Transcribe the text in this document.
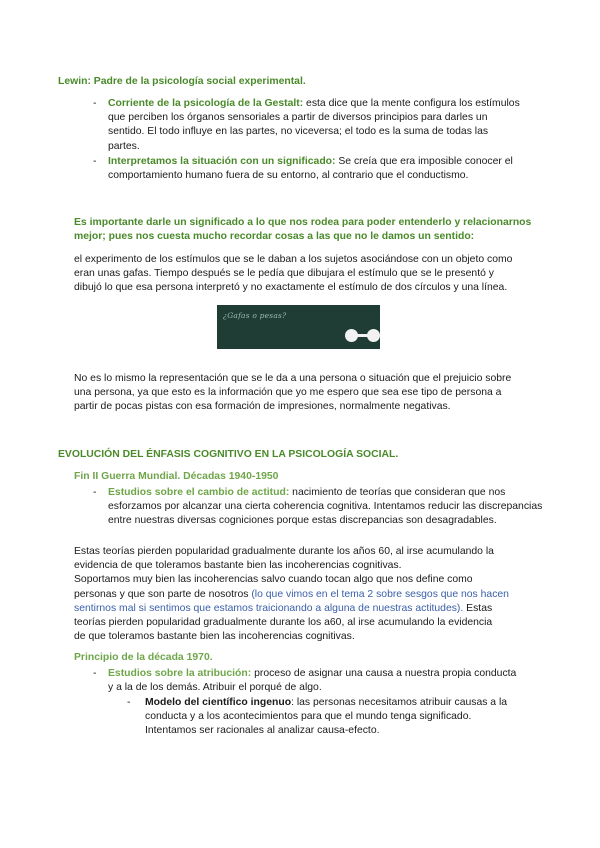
Lewin: Padre de la psicología social experimental.

- Corriente de la psicología de la Gestalt: esta dice que la mente configura los estímulos

que perciben los órganos sensoriales a partir de diversos principios para darles un

sentido. El todo influye en las partes, no viceversa; el todo es la suma de todas las

partes.

- Interpretamos la situación con un significado: Se creía que era imposible conocer el

comportamiento humano fuera de su entorno, al contrario que el conductismo.

Es importante darle un significado a lo que nos rodea para poder entenderlo y relacionarnos

mejor; pues nos cuesta mucho recordar cosas a las que no le damos un sentido:

el experimento de los estímulos que se le daban a los sujetos asociándose con un objeto como

eran unas gafas. Tiempo después se le pedía que dibujara el estímulo que se le presentó y

dibujó lo que esa persona interpretó y no exactamente el estímulo de dos círculos y una línea.

¿Gafas o pesas?

No es lo mismo la representación que se le da a una persona o situación que el prejuicio sobre

una persona, ya que esto es la información que yo me espero que sea ese tipo de persona a

partir de pocas pistas con esa formación de impresiones, normalmente negativas.

EVOLUCIÓN DEL ÉNFASIS COGNITIVO EN LA PSICOLOGÍA SOCIAL.

Fin II Guerra Mundial. Décadas 1940-1950

- Estudios sobre el cambio de actitud: nacimiento de teorías que consideran que nos

esforzamos por alcanzar una cierta coherencia cognitiva. Intentamos reducir las discrepancias

entre nuestras diversas cogniciones porque estas discrepancias son desagradables.

Estas teorías pierden popularidad gradualmente durante los años 60, al irse acumulando la

evidencia de que toleramos bastante bien las incoherencias cognitivas.

Soportamos muy bien las incoherencias salvo cuando tocan algo que nos define como

personas y que son parte de nosotros (lo que vimos en el tema 2 sobre sesgos que nos hacen

sentirnos mal si sentimos que estamos traicionando a alguna de nuestras actitudes). Estas

teorías pierden popularidad gradualmente durante los a60, al irse acumulando la evidencia

de que toleramos bastante bien las incoherencias cognitivas.

Principio de la década 1970.

- Estudios sobre la atribución: proceso de asignar una causa a nuestra propia conducta

y a la de los demás. Atribuir el porqué de algo.

- Modelo del científico ingenuo: las personas necesitamos atribuir causas a la

conducta y a los acontecimientos para que el mundo tenga significado.

Intentamos ser racionales al analizar causa-efecto.
